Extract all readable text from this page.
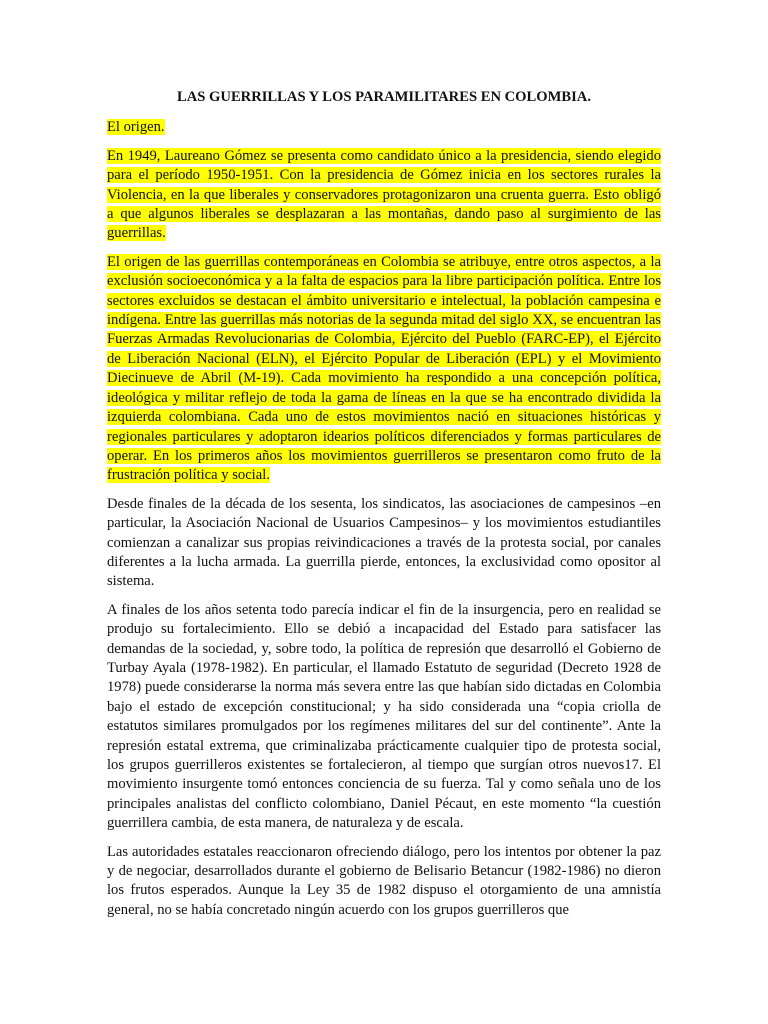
LAS GUERRILLAS Y LOS PARAMILITARES EN COLOMBIA.
El origen.

En 1949, Laureano Gómez se presenta como candidato único a la presidencia, siendo elegido para el período 1950-1951. Con la presidencia de Gómez inicia en los sectores rurales la Violencia, en la que liberales y conservadores protagonizaron una cruenta guerra. Esto obligó a que algunos liberales se desplazaran a las montañas, dando paso al surgimiento de las guerrillas.

El origen de las guerrillas contemporáneas en Colombia se atribuye, entre otros aspectos, a la exclusión socioeconómica y a la falta de espacios para la libre participación política. Entre los sectores excluidos se destacan el ámbito universitario e intelectual, la población campesina e indígena. Entre las guerrillas más notorias de la segunda mitad del siglo XX, se encuentran las Fuerzas Armadas Revolucionarias de Colombia, Ejército del Pueblo (FARC-EP), el Ejército de Liberación Nacional (ELN), el Ejército Popular de Liberación (EPL) y el Movimiento Diecinueve de Abril (M-19). Cada movimiento ha respondido a una concepción política, ideológica y militar reflejo de toda la gama de líneas en la que se ha encontrado dividida la izquierda colombiana. Cada uno de estos movimientos nació en situaciones históricas y regionales particulares y adoptaron idearios políticos diferenciados y formas particulares de operar. En los primeros años los movimientos guerrilleros se presentaron como fruto de la frustración política y social.

Desde finales de la década de los sesenta, los sindicatos, las asociaciones de campesinos –en particular, la Asociación Nacional de Usuarios Campesinos– y los movimientos estudiantiles comienzan a canalizar sus propias reivindicaciones a través de la protesta social, por canales diferentes a la lucha armada. La guerrilla pierde, entonces, la exclusividad como opositor al sistema.

A finales de los años setenta todo parecía indicar el fin de la insurgencia, pero en realidad se produjo su fortalecimiento. Ello se debió a incapacidad del Estado para satisfacer las demandas de la sociedad, y, sobre todo, la política de represión que desarrolló el Gobierno de Turbay Ayala (1978-1982). En particular, el llamado Estatuto de seguridad (Decreto 1928 de 1978) puede considerarse la norma más severa entre las que habían sido dictadas en Colombia bajo el estado de excepción constitucional; y ha sido considerada una “copia criolla de estatutos similares promulgados por los regímenes militares del sur del continente”. Ante la represión estatal extrema, que criminalizaba prácticamente cualquier tipo de protesta social, los grupos guerrilleros existentes se fortalecieron, al tiempo que surgían otros nuevos17. El movimiento insurgente tomó entonces conciencia de su fuerza. Tal y como señala uno de los principales analistas del conflicto colombiano, Daniel Pécaut, en este momento “la cuestión guerrillera cambia, de esta manera, de naturaleza y de escala.

Las autoridades estatales reaccionaron ofreciendo diálogo, pero los intentos por obtener la paz y de negociar, desarrollados durante el gobierno de Belisario Betancur (1982-1986) no dieron los frutos esperados. Aunque la Ley 35 de 1982 dispuso el otorgamiento de una amnistía general, no se había concretado ningún acuerdo con los grupos guerrilleros que
